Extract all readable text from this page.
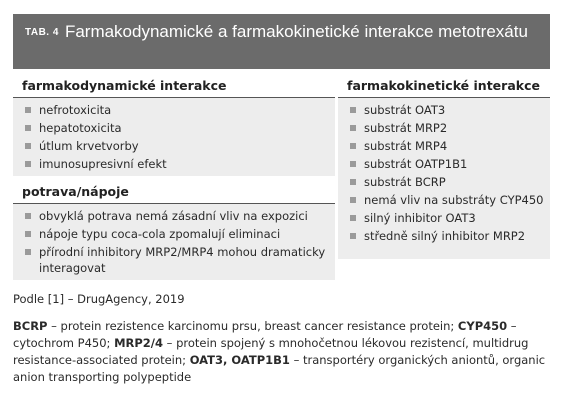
TAB. 4 Farmakodynamické a farmakokinetické interakce metotrexátu
farmakodynamické interakce
nefrotoxicita
hepatotoxicita
útlum krvetvorby
imunosupresivní efekt
potrava/nápoje
obvyklá potrava nemá zásadní vliv na expozici
nápoje typu coca-cola zpomalují eliminaci
přírodní inhibitory MRP2/MRP4 mohou dramaticky interagovat
farmakokinetické interakce
substrát OAT3
substrát MRP2
substrát MRP4
substrát OATP1B1
substrát BCRP
nemá vliv na substráty CYP450
silný inhibitor OAT3
středně silný inhibitor MRP2
Podle [1] – DrugAgency, 2019
BCRP – protein rezistence karcinomu prsu, breast cancer resistance protein; CYP450 – cytochrom P450; MRP2/4 – protein spojený s mnohočetnou lékovou rezistencí, multidrug resistance-associated protein; OAT3, OATP1B1 – transportéry organických aniontů, organic anion transporting polypeptide
